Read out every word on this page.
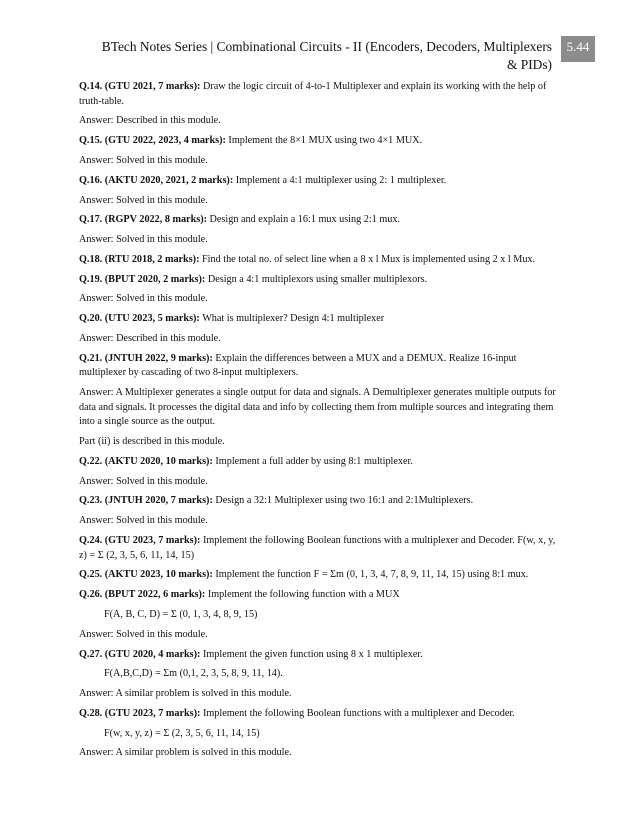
BTech Notes Series | Combinational Circuits - II (Encoders, Decoders, Multiplexers & PIDs)
5.44

Q.14. (GTU 2021, 7 marks): Draw the logic circuit of 4-to-1 Multiplexer and explain its working with the help of truth-table.

Answer: Described in this module.

Q.15. (GTU 2022, 2023, 4 marks): Implement the 8×1 MUX using two 4×1 MUX.

Answer: Solved in this module.

Q.16. (AKTU 2020, 2021, 2 marks): Implement a 4:1 multiplexer using 2: 1 multiplexer.

Answer: Solved in this module.

Q.17. (RGPV 2022, 8 marks): Design and explain a 16:1 mux using 2:1 mux.

Answer: Solved in this module.

Q.18. (RTU 2018, 2 marks): Find the total no. of select line when a 8 x l Mux is implemented using 2 x l Mux.

Q.19. (BPUT 2020, 2 marks): Design a 4:1 multiplexors using smaller multiplexors.

Answer: Solved in this module.

Q.20. (UTU 2023, 5 marks): What is multiplexer? Design 4:1 multiplexer

Answer: Described in this module.

Q.21. (JNTUH 2022, 9 marks): Explain the differences between a MUX and a DEMUX. Realize 16-input multiplexer by cascading of two 8-input multiplexers.

Answer: A Multiplexer generates a single output for data and signals. A Demultiplexer generates multiple outputs for data and signals. It processes the digital data and info by collecting them from multiple sources and integrating them into a single source as the output.

Part (ii) is described in this module.

Q.22. (AKTU 2020, 10 marks): Implement a full adder by using 8:1 multiplexer.

Answer: Solved in this module.

Q.23. (JNTUH 2020, 7 marks): Design a 32:1 Multiplexer using two 16:1 and 2:1Multiplexers.

Answer: Solved in this module.

Q.24. (GTU 2023, 7 marks): Implement the following Boolean functions with a multiplexer and Decoder. F(w, x, y, z) = Σ (2, 3, 5, 6, 11, 14, 15)

Q.25. (AKTU 2023, 10 marks): Implement the function F = Σm (0, 1, 3, 4, 7, 8, 9, 11, 14, 15) using 8:1 mux.

Q.26. (BPUT 2022, 6 marks): Implement the following function with a MUX

F(A, B, C, D) = Σ (0, 1, 3, 4, 8, 9, 15)

Answer: Solved in this module.

Q.27. (GTU 2020, 4 marks): Implement the given function using 8 x 1 multiplexer.

F(A,B,C,D) = Σm (0,1, 2, 3, 5, 8, 9, 11, 14).

Answer: A similar problem is solved in this module.

Q.28. (GTU 2023, 7 marks): Implement the following Boolean functions with a multiplexer and Decoder.

F(w, x, y, z) = Σ (2, 3, 5, 6, 11, 14, 15)

Answer: A similar problem is solved in this module.
